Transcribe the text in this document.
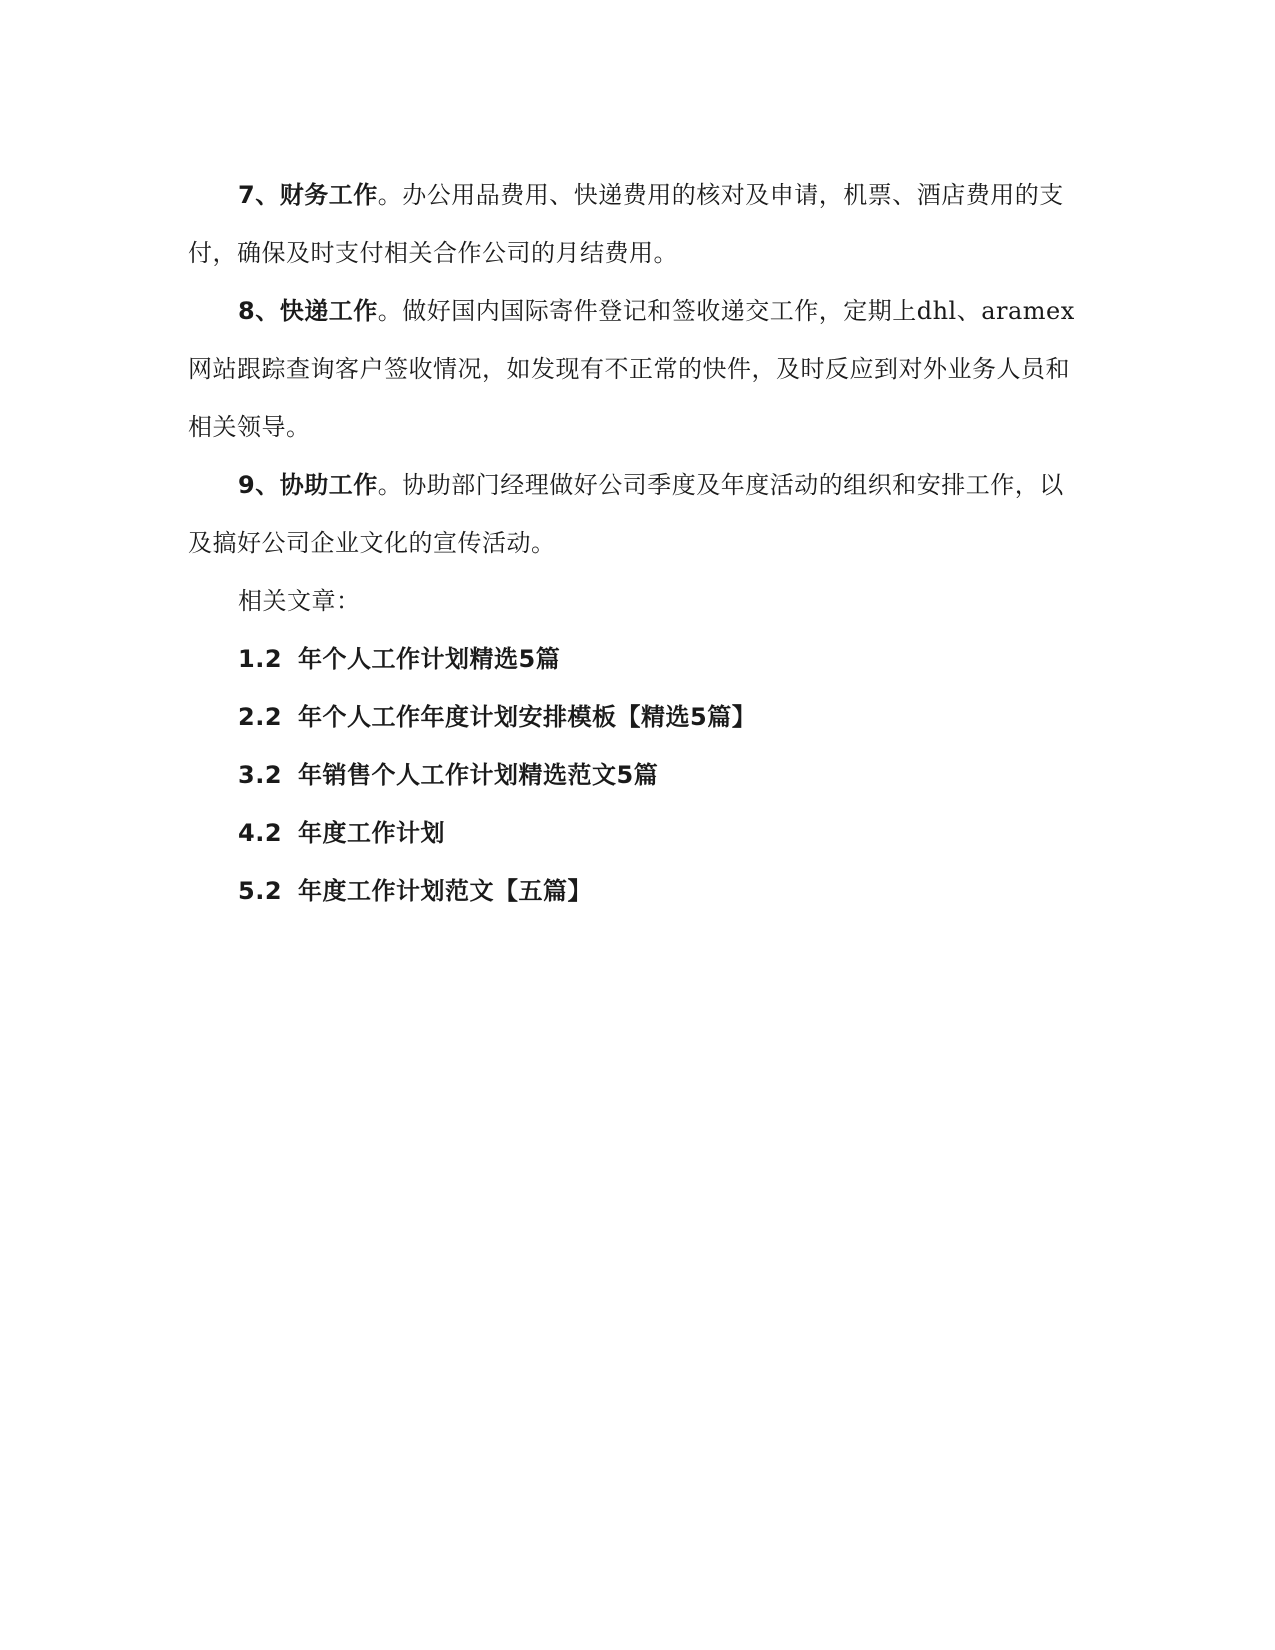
7、财务工作。办公用品费用、快递费用的核对及申请，机票、酒店费用的支付，确保及时支付相关合作公司的月结费用。

8、快递工作。做好国内国际寄件登记和签收递交工作，定期上dhl、aramex网站跟踪查询客户签收情况，如发现有不正常的快件，及时反应到对外业务人员和相关领导。

9、协助工作。协助部门经理做好公司季度及年度活动的组织和安排工作，以及搞好公司企业文化的宣传活动。

相关文章：

1.2 年个人工作计划精选5篇
2.2 年个人工作年度计划安排模板【精选5篇】
3.2 年销售个人工作计划精选范文5篇
4.2 年度工作计划
5.2 年度工作计划范文【五篇】
